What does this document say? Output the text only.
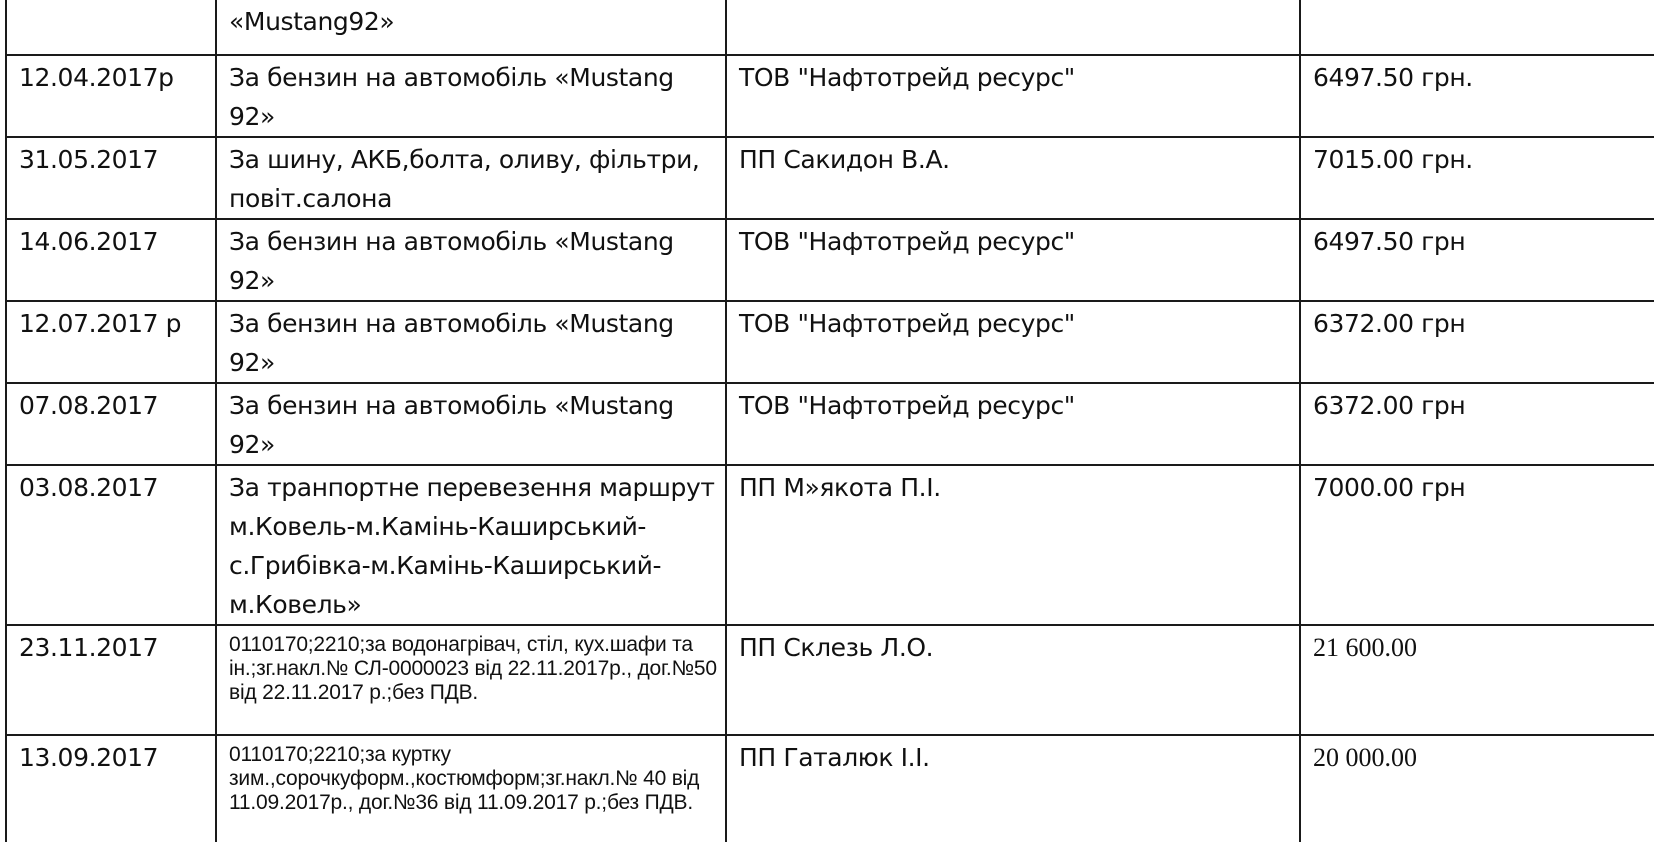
	«Mustang92»		
12.04.2017р	За бензин на автомобіль «Mustang 92»	ТОВ "Нафтотрейд ресурс"	6497.50 грн.
31.05.2017	За шину, АКБ,болта, оливу, фільтри, повіт.салона	ПП Сакидон В.А.	7015.00 грн.
14.06.2017	За бензин на автомобіль «Mustang 92»	ТОВ "Нафтотрейд ресурс"	6497.50 грн
12.07.2017 р	За бензин на автомобіль «Mustang 92»	ТОВ "Нафтотрейд ресурс"	6372.00 грн
07.08.2017	За бензин на автомобіль «Mustang 92»	ТОВ "Нафтотрейд ресурс"	6372.00 грн
03.08.2017	За транпортне перевезення маршрут м.Ковель-м.Камінь-Каширський-с.Грибівка-м.Камінь-Каширський-м.Ковель»	ПП М»якота П.І.	7000.00 грн
23.11.2017	0110170;2210;за водонагрівач, стіл, кух.шафи та ін.;зг.накл.№ СЛ-0000023 від 22.11.2017р., дог.№50 від 22.11.2017 р.;без ПДВ.	ПП Склезь Л.О.	21 600.00
13.09.2017	0110170;2210;за куртку зим.,сорочкуформ.,костюмформ;зг.накл.№ 40 від 11.09.2017р., дог.№36 від 11.09.2017 р.;без ПДВ.	ПП Гаталюк І.І.	20 000.00
